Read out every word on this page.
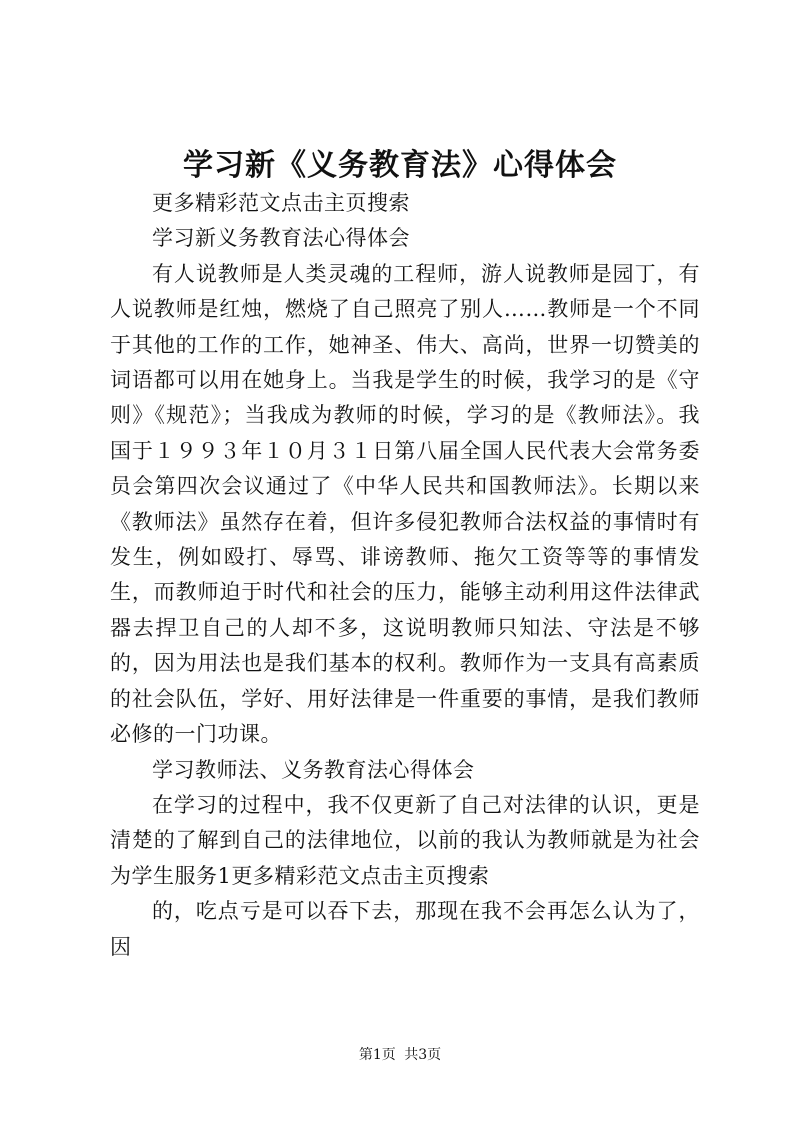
学习新《义务教育法》心得体会

更多精彩范文点击主页搜索

学习新义务教育法心得体会

有人说教师是人类灵魂的工程师，游人说教师是园丁，有人说教师是红烛，燃烧了自己照亮了别人……教师是一个不同于其他的工作的工作，她神圣、伟大、高尚，世界一切赞美的词语都可以用在她身上。当我是学生的时候，我学习的是《守则》《规范》；当我成为教师的时候，学习的是《教师法》。我国于１９９３年１０月３１日第八届全国人民代表大会常务委员会第四次会议通过了《中华人民共和国教师法》。长期以来《教师法》虽然存在着，但许多侵犯教师合法权益的事情时有发生，例如殴打、辱骂、诽谤教师、拖欠工资等等的事情发生，而教师迫于时代和社会的压力，能够主动利用这件法律武器去捍卫自己的人却不多，这说明教师只知法、守法是不够的，因为用法也是我们基本的权利。教师作为一支具有高素质的社会队伍，学好、用好法律是一件重要的事情，是我们教师必修的一门功课。

学习教师法、义务教育法心得体会

在学习的过程中，我不仅更新了自己对法律的认识，更是清楚的了解到自己的法律地位，以前的我认为教师就是为社会为学生服务1更多精彩范文点击主页搜索

的，吃点亏是可以吞下去，那现在我不会再怎么认为了，因

第1页 共3页
